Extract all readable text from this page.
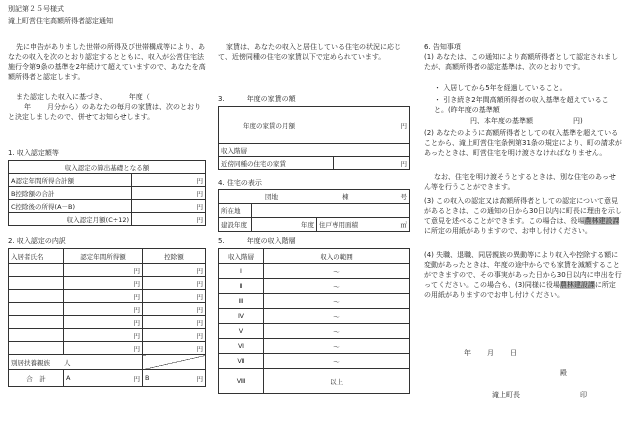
別記第２５号様式
滝上町営住宅高額所得者認定通知
先に申告がありました世帯の所得及び世帯構成等により、あなたの収入を次のとおり認定するとともに、収入が公営住宅法施行令第9条の基準を2年続けて超えていますので、あなたを高額所得者と認定します。
また認定した収入に基づき、	年度（
年 月分から）のあなたの毎月の家賃は、次のとおりと決定しましたので、併せてお知らせします。
1. 収入認定額等
収入認定の算出基礎となる額	
A認定年間所得合計額	円
B控除額の合計	円
C控除後の所得(A－B)	円
収入認定月額(C÷12)	円
2. 収入認定の内訳
入居者氏名	認定年間所得額	控除額
	円	円
	円	円
	円	円
	円	円
	円	円
	円	円
	円	円
別居扶養親族 人		
合　計	A 円	B 円
家賃は、あなたの収入と居住している住宅の状況に応じて、近傍同種の住宅の家賃以下で定められています。
3.	年度の家賃の額
年度の家賃の月額	円

収入階層
近傍同種の住宅の家賃	円
4. 住宅の表示
団地 棟 号		

所在地		
建設年度	年度	住戸専用面積 ㎡
5.	年度の収入階層
収入階層	収入の範囲
Ⅰ	～
Ⅱ	～
Ⅲ	～
Ⅳ	～
Ⅴ	～
Ⅵ	～
Ⅶ	～
Ⅷ	以上
6. 告知事項
(1) あなたは、この通知により高額所得者として認定されましたが、高額所得者の認定基準は、次のとおりです。
・ 入居してから5年を経過していること。
・ 引き続き2年間高額所得者の収入基準を超えていること。(昨年度の基準額
円、本年度の基準額	円)
(2) あなたのように高額所得者としての収入基準を超えていることから、滝上町営住宅条例第31条の規定により、町の請求があったときは、町営住宅を明け渡さなければなりません。
なお、住宅を明け渡そうとするときは、別な住宅のあっせん等を行うことができます。
(3) この収入の認定又は高額所得者としての認定について意見があるときは、この通知の日から30日以内に町長に理由を示して意見を述べることができます。この場合は、役場農林建設課に所定の用紙がありますので、お申し付けください。
(4) 失職、退職、同居親族の異動等により収入や控除する額に変動があったときは、年度の途中からでも家賃を減額することができますので、その事実があった日から30日以内に申出を行ってください。この場合も、(3)同様に役場農林建設課に所定の用紙がありますのでお申し付けください。
年 月 日
殿
滝上町長	印
